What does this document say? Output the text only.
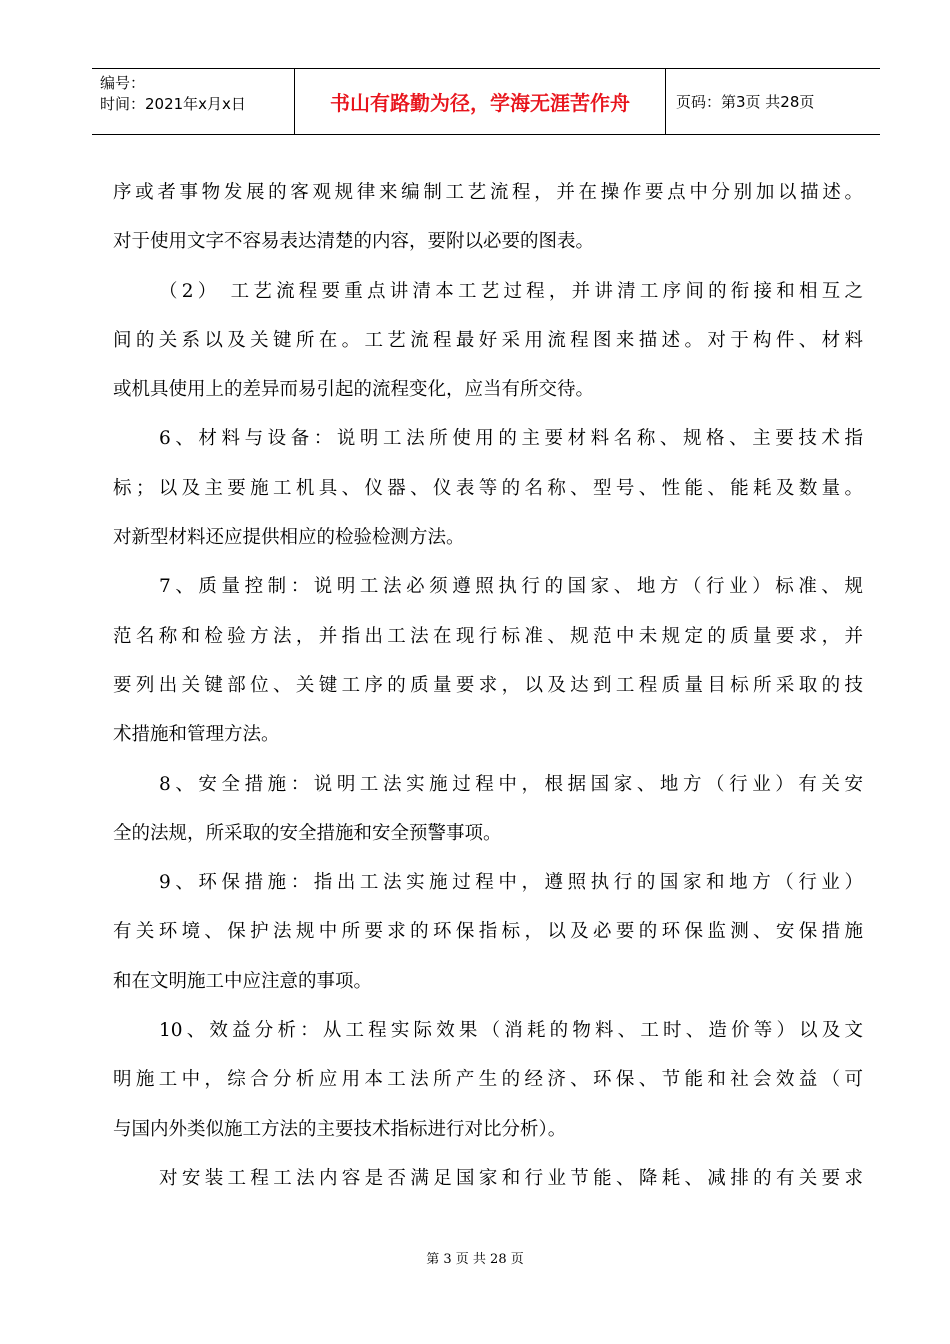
编号：
时间：2021年x月x日	书山有路勤为径，学海无涯苦作舟	页码：第3页 共28页
序或者事物发展的客观规律来编制工艺流程，并在操作要点中分别加以描述。
对于使用文字不容易表达清楚的内容，要附以必要的图表。
（2） 工艺流程要重点讲清本工艺过程，并讲清工序间的衔接和相互之
间的关系以及关键所在。工艺流程最好采用流程图来描述。对于构件、材料
或机具使用上的差异而易引起的流程变化，应当有所交待。
6、材料与设备：说明工法所使用的主要材料名称、规格、主要技术指
标；以及主要施工机具、仪器、仪表等的名称、型号、性能、能耗及数量。
对新型材料还应提供相应的检验检测方法。
7、质量控制：说明工法必须遵照执行的国家、地方（行业）标准、规
范名称和检验方法，并指出工法在现行标准、规范中未规定的质量要求，并
要列出关键部位、关键工序的质量要求，以及达到工程质量目标所采取的技
术措施和管理方法。
8、安全措施：说明工法实施过程中，根据国家、地方（行业）有关安
全的法规，所采取的安全措施和安全预警事项。
9、环保措施：指出工法实施过程中，遵照执行的国家和地方（行业）
有关环境、保护法规中所要求的环保指标，以及必要的环保监测、安保措施
和在文明施工中应注意的事项。
10、效益分析：从工程实际效果（消耗的物料、工时、造价等）以及文
明施工中，综合分析应用本工法所产生的经济、环保、节能和社会效益（可
与国内外类似施工方法的主要技术指标进行对比分析）。
对安装工程工法内容是否满足国家和行业节能、降耗、减排的有关要求
第 3 页 共 28 页
